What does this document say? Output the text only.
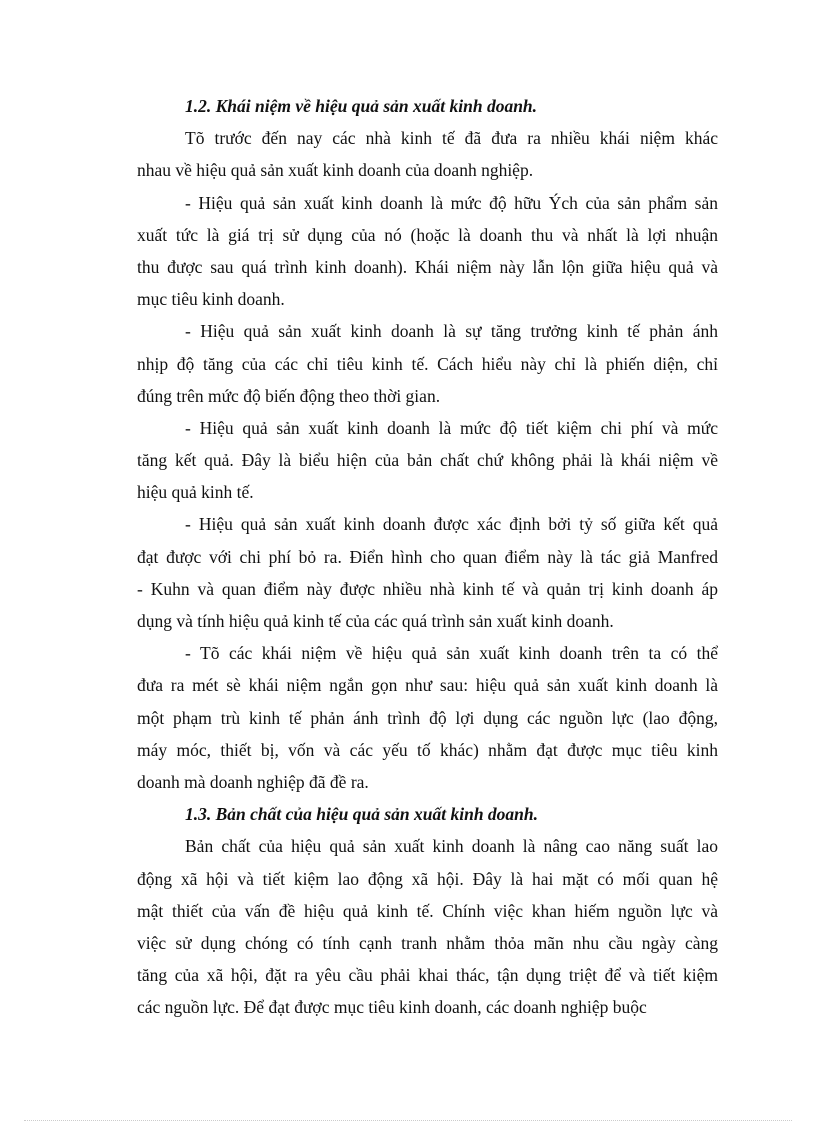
1.2. Khái niệm về hiệu quả sản xuất kinh doanh.
Tõ trước đến nay các nhà kinh tế đã đưa ra nhiều khái niệm khác
nhau về hiệu quả sản xuất kinh doanh của doanh nghiệp.
- Hiệu quả sản xuất kinh doanh là mức độ hữu Ých của sản phẩm sản
xuất tức là giá trị sử dụng của nó (hoặc là doanh thu và nhất là lợi nhuận
thu được sau quá trình kinh doanh). Khái niệm này lẫn lộn giữa hiệu quả và
mục tiêu kinh doanh.
- Hiệu quả sản xuất kinh doanh là sự tăng trưởng kinh tế phản ánh
nhịp độ tăng của các chỉ tiêu kinh tế. Cách hiểu này chỉ là phiến diện, chỉ
đúng trên mức độ biến động theo thời gian.
- Hiệu quả sản xuất kinh doanh là mức độ tiết kiệm chi phí và mức
tăng kết quả. Đây là biểu hiện của bản chất chứ không phải là khái niệm về
hiệu quả kinh tế.
- Hiệu quả sản xuất kinh doanh được xác định bởi tỷ số giữa kết quả
đạt được với chi phí bỏ ra. Điển hình cho quan điểm này là tác giả Manfred
- Kuhn và quan điểm này được nhiều nhà kinh tế và quản trị kinh doanh áp
dụng và tính hiệu quả kinh tế của các quá trình sản xuất kinh doanh.
- Tõ các khái niệm về hiệu quả sản xuất kinh doanh trên ta có thể
đưa ra mét sè khái niệm ngắn gọn như sau: hiệu quả sản xuất kinh doanh là
một phạm trù kinh tế phản ánh trình độ lợi dụng các nguồn lực (lao động,
máy móc, thiết bị, vốn và các yếu tố khác) nhằm đạt được mục tiêu kinh
doanh mà doanh nghiệp đã đề ra.
1.3. Bản chất của hiệu quả sản xuất kinh doanh.
Bản chất của hiệu quả sản xuất kinh doanh là nâng cao năng suất lao
động xã hội và tiết kiệm lao động xã hội. Đây là hai mặt có mối quan hệ
mật thiết của vấn đề hiệu quả kinh tế. Chính việc khan hiếm nguồn lực và
việc sử dụng chóng có tính cạnh tranh nhằm thỏa mãn nhu cầu ngày càng
tăng của xã hội, đặt ra yêu cầu phải khai thác, tận dụng triệt để và tiết kiệm
các nguồn lực. Để đạt được mục tiêu kinh doanh, các doanh nghiệp buộc
